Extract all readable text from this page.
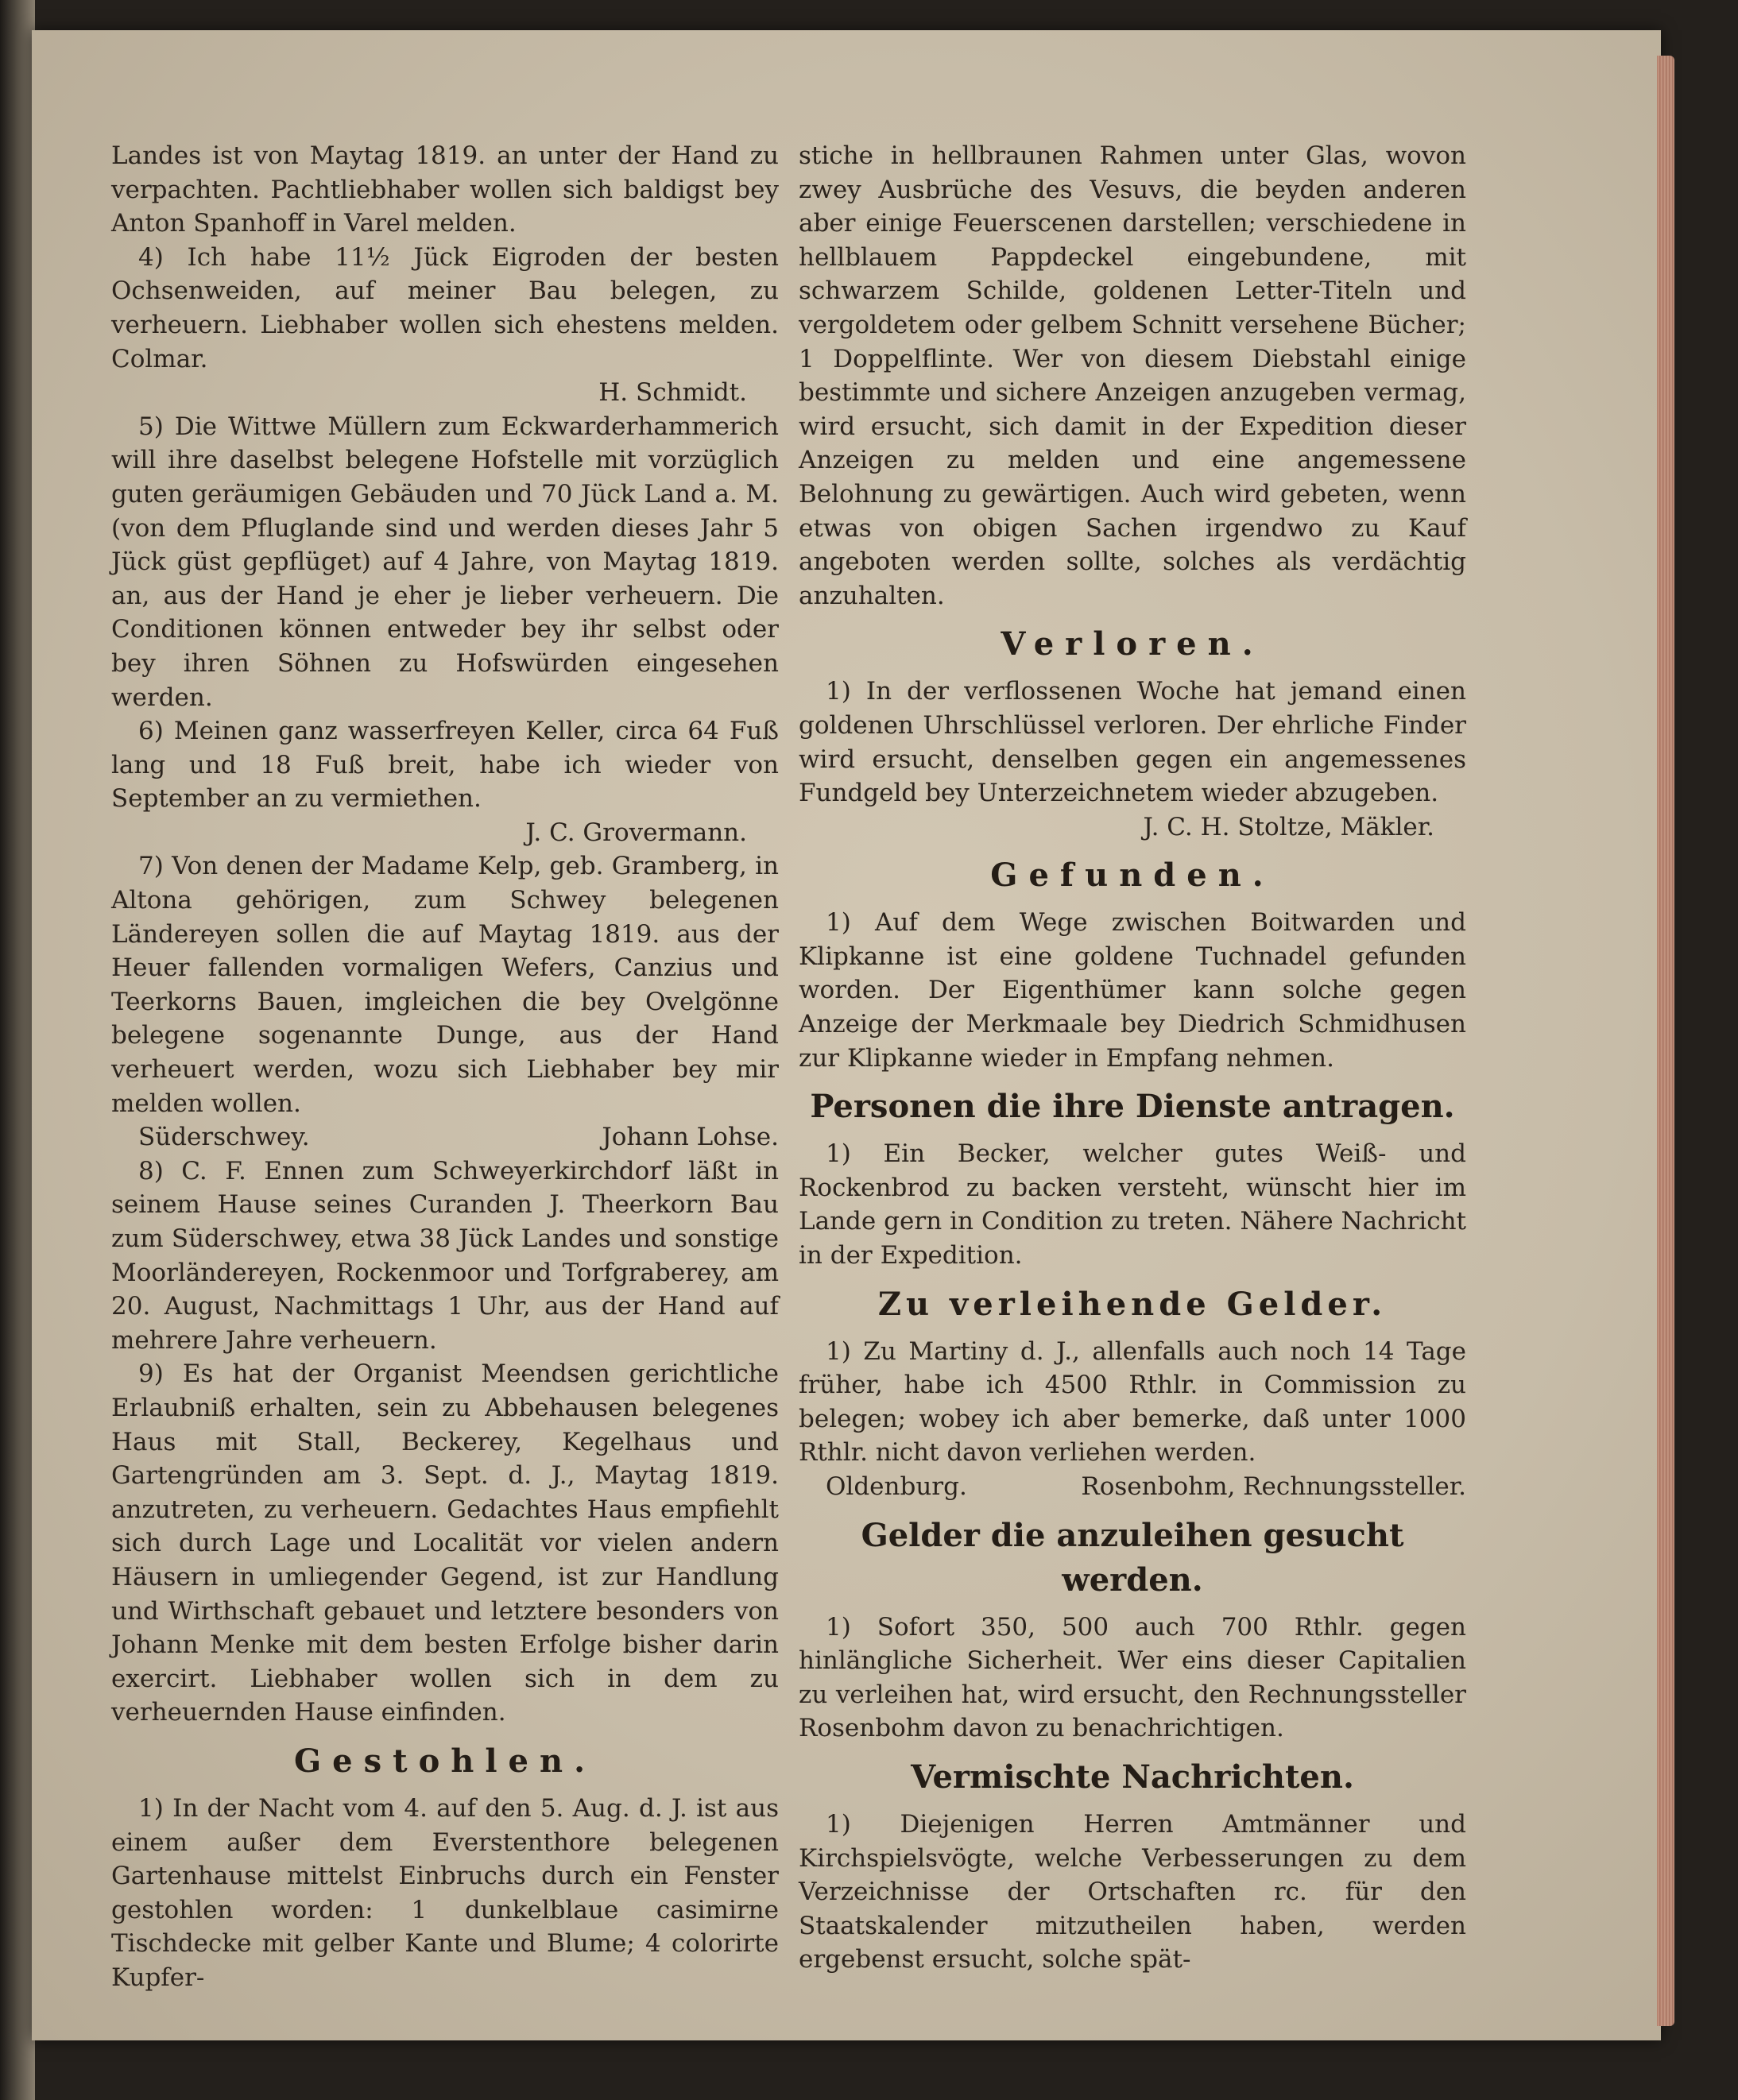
Landes ist von Maytag 1819. an unter der Hand zu verpachten. Pachtliebhaber wollen sich baldigst bey Anton Spanhoff in Varel melden.

4) Ich habe 11½ Jück Eigroden der besten Ochsenweiden, auf meiner Bau belegen, zu verheuern. Liebhaber wollen sich ehestens melden. Colmar.

H. Schmidt.

5) Die Wittwe Müllern zum Eckwarderhammerich will ihre daselbst belegene Hofstelle mit vorzüglich guten geräumigen Gebäuden und 70 Jück Land a. M. (von dem Pfluglande sind und werden dieses Jahr 5 Jück güst gepflüget) auf 4 Jahre, von Maytag 1819. an, aus der Hand je eher je lieber verheuern. Die Conditionen können entweder bey ihr selbst oder bey ihren Söhnen zu Hofswürden eingesehen werden.

6) Meinen ganz wasserfreyen Keller, circa 64 Fuß lang und 18 Fuß breit, habe ich wieder von September an zu vermiethen.

J. C. Grovermann.

7) Von denen der Madame Kelp, geb. Gramberg, in Altona gehörigen, zum Schwey belegenen Ländereyen sollen die auf Maytag 1819. aus der Heuer fallenden vormaligen Wefers, Canzius und Teerkorns Bauen, imgleichen die bey Ovelgönne belegene sogenannte Dunge, aus der Hand verheuert werden, wozu sich Liebhaber bey mir melden wollen.

Süderschwey.	Johann Lohse.

8) C. F. Ennen zum Schweyerkirchdorf läßt in seinem Hause seines Curanden J. Theerkorn Bau zum Süderschwey, etwa 38 Jück Landes und sonstige Moorländereyen, Rockenmoor und Torfgraberey, am 20. August, Nachmittags 1 Uhr, aus der Hand auf mehrere Jahre verheuern.

9) Es hat der Organist Meendsen gerichtliche Erlaubniß erhalten, sein zu Abbehausen belegenes Haus mit Stall, Beckerey, Kegelhaus und Gartengründen am 3. Sept. d. J., Maytag 1819. anzutreten, zu verheuern. Gedachtes Haus empfiehlt sich durch Lage und Localität vor vielen andern Häusern in umliegender Gegend, ist zur Handlung und Wirthschaft gebauet und letztere besonders von Johann Menke mit dem besten Erfolge bisher darin exercirt. Liebhaber wollen sich in dem zu verheuernden Hause einfinden.

Gestohlen.

1) In der Nacht vom 4. auf den 5. Aug. d. J. ist aus einem außer dem Everstenthore belegenen Gartenhause mittelst Einbruchs durch ein Fenster gestohlen worden: 1 dunkelblaue casimirne Tischdecke mit gelber Kante und Blume; 4 colorirte Kupfer-

stiche in hellbraunen Rahmen unter Glas, wovon zwey Ausbrüche des Vesuvs, die beyden anderen aber einige Feuerscenen darstellen; verschiedene in hellblauem Pappdeckel eingebundene, mit schwarzem Schilde, goldenen Letter-Titeln und vergoldetem oder gelbem Schnitt versehene Bücher; 1 Doppelflinte. Wer von diesem Diebstahl einige bestimmte und sichere Anzeigen anzugeben vermag, wird ersucht, sich damit in der Expedition dieser Anzeigen zu melden und eine angemessene Belohnung zu gewärtigen. Auch wird gebeten, wenn etwas von obigen Sachen irgendwo zu Kauf angeboten werden sollte, solches als verdächtig anzuhalten.

Verloren.

1) In der verflossenen Woche hat jemand einen goldenen Uhrschlüssel verloren. Der ehrliche Finder wird ersucht, denselben gegen ein angemessenes Fundgeld bey Unterzeichnetem wieder abzugeben.

J. C. H. Stoltze, Mäkler.

Gefunden.

1) Auf dem Wege zwischen Boitwarden und Klipkanne ist eine goldene Tuchnadel gefunden worden. Der Eigenthümer kann solche gegen Anzeige der Merkmaale bey Diedrich Schmidhusen zur Klipkanne wieder in Empfang nehmen.

Personen die ihre Dienste antragen.

1) Ein Becker, welcher gutes Weiß- und Rockenbrod zu backen versteht, wünscht hier im Lande gern in Condition zu treten. Nähere Nachricht in der Expedition.

Zu verleihende Gelder.

1) Zu Martiny d. J., allenfalls auch noch 14 Tage früher, habe ich 4500 Rthlr. in Commission zu belegen; wobey ich aber bemerke, daß unter 1000 Rthlr. nicht davon verliehen werden.

Oldenburg.	Rosenbohm, Rechnungssteller.
Gelder die anzuleihen gesucht werden.

1) Sofort 350, 500 auch 700 Rthlr. gegen hinlängliche Sicherheit. Wer eins dieser Capitalien zu verleihen hat, wird ersucht, den Rechnungssteller Rosenbohm davon zu benachrichtigen.

Vermischte Nachrichten.

1) Diejenigen Herren Amtmänner und Kirchspielsvögte, welche Verbesserungen zu dem Verzeichnisse der Ortschaften rc. für den Staatskalender mitzutheilen haben, werden ergebenst ersucht, solche spät-
